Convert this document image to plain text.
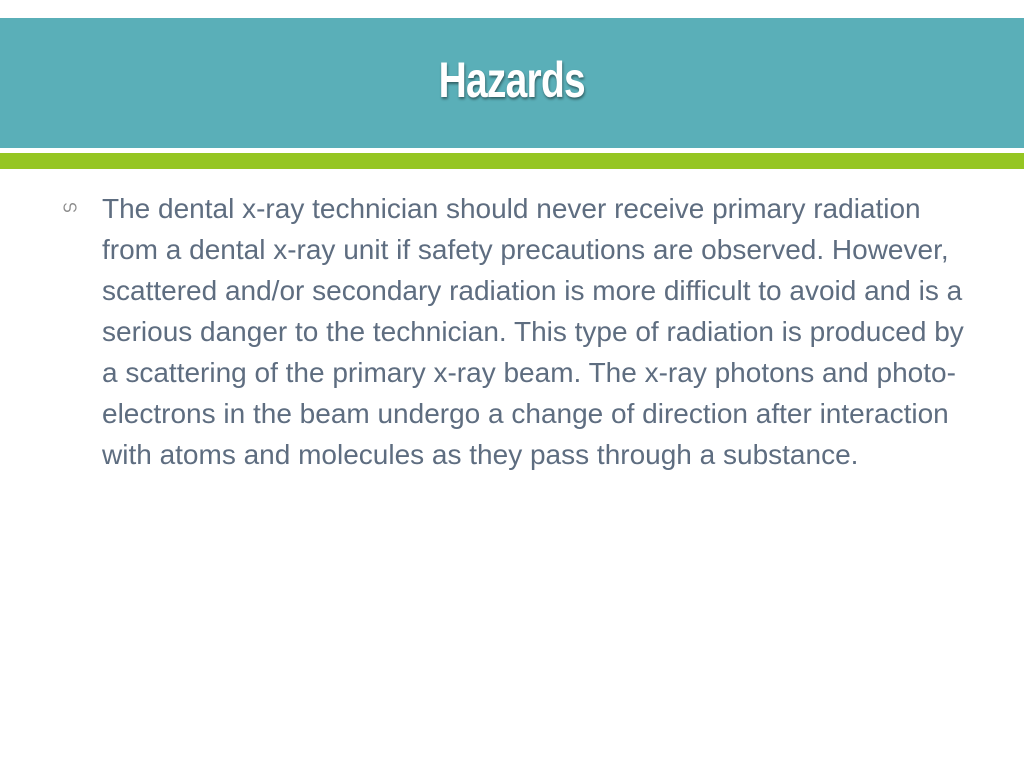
Hazards
ഗ The dental x-ray technician should never receive primary radiation from a dental x-ray unit if safety precautions are observed. However, scattered and/or secondary radiation is more difficult to avoid and is a serious danger to the technician. This type of radiation is produced by a scattering of the primary x-ray beam. The x-ray photons and photo-electrons in the beam undergo a change of direction after interaction with atoms and molecules as they pass through a substance.
